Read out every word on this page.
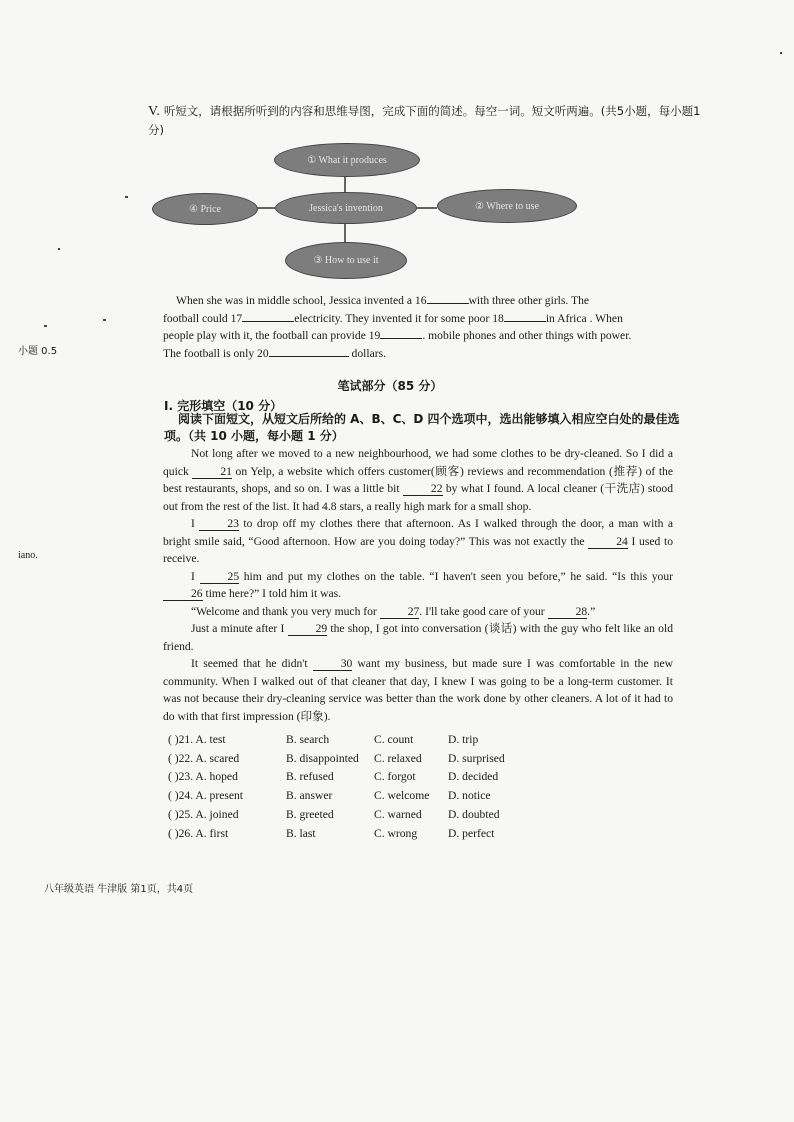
V. 听短文，请根据所听到的内容和思维导图，完成下面的简述。每空一词。短文听两遍。(共5小题，每小题1分)
① What it produces
Jessica's invention
④ Price	② Where to use
③ How to use it
When she was in middle school, Jessica invented a 16	with three other girls. The
football could 17	electricity. They invented it for some poor 18	in Africa . When
people play with it, the football can provide 19	. mobile phones and other things with power.
The football is only 20	dollars.
笔试部分（85 分）
I. 完形填空（10 分）
阅读下面短文，从短文后所给的 A、B、C、D 四个选项中，选出能够填入相应空白处的最佳选项。（共 10 小题，每小题 1 分）
Not long after we moved to a new neighbourhood, we had some clothes to be dry-cleaned. So I did a quick 21 on Yelp, a website which offers customer(顾客) reviews and recommendation (推荐) of the best restaurants, shops, and so on. I was a little bit 22 by what I found. A local cleaner (干洗店) stood out from the rest of the list. It had 4.8 stars, a really high mark for a small shop.
I 23 to drop off my clothes there that afternoon. As I walked through the door, a man with a bright smile said, “Good afternoon. How are you doing today?” This was not exactly the 24 I used to receive.
I 25 him and put my clothes on the table. “I haven't seen you before,” he said. “Is this your 26 time here?” I told him it was.
“Welcome and thank you very much for 27. I'll take good care of your 28.”
Just a minute after I 29 the shop, I got into conversation (谈话) with the guy who felt like an old friend.
It seemed that he didn't 30 want my business, but made sure I was comfortable in the new community. When I walked out of that cleaner that day, I knew I was going to be a long-term customer. It was not because their dry-cleaning service was better than the work done by other cleaners. A lot of it had to do with that first impression (印象).
( )21. A. test	B. search	C. count	D. trip
( )22. A. scared	B. disappointed	C. relaxed	D. surprised
( )23. A. hoped	B. refused	C. forgot	D. decided
( )24. A. present	B. answer	C. welcome	D. notice
( )25. A. joined	B. greeted	C. warned	D. doubted
( )26. A. first	B. last	C. wrong	D. perfect
八年级英语 牛津版 第1页，共4页
小题 0.5
iano.
